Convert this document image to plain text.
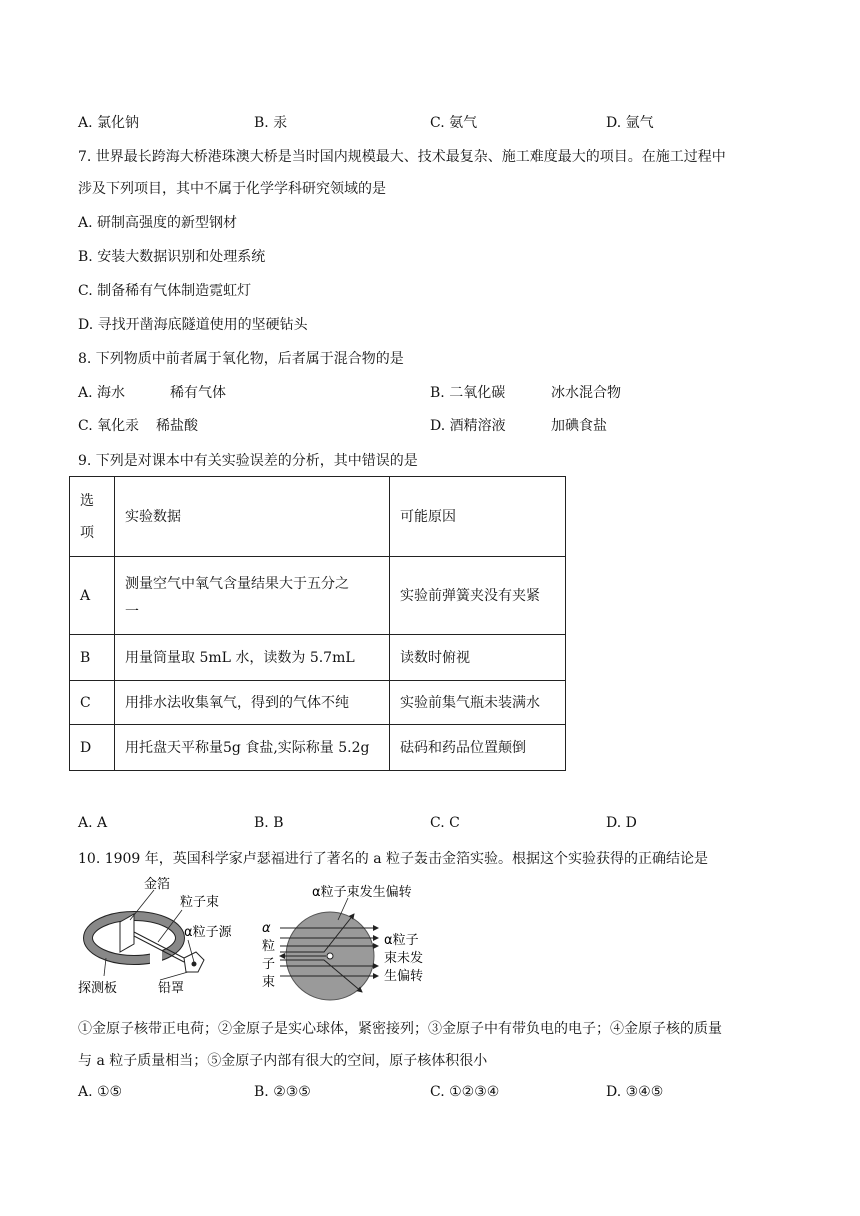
A. 氯化钠	B. 汞	C. 氨气	D. 氩气
7. 世界最长跨海大桥港珠澳大桥是当时国内规模最大、技术最复杂、施工难度最大的项目。在施工过程中
涉及下列项目，其中不属于化学学科研究领域的是
A. 研制高强度的新型钢材
B. 安装大数据识别和处理系统
C. 制备稀有气体制造霓虹灯
D. 寻找开凿海底隧道使用的坚硬钻头
8. 下列物质中前者属于氧化物，后者属于混合物的是
A. 海水	稀有气体	B. 二氧化碳	冰水混合物
C. 氧化汞 稀盐酸	D. 酒精溶液	加碘食盐
9. 下列是对课本中有关实验误差的分析，其中错误的是
选
项	实验数据	可能原因
A	测量空气中氧气含量结果大于五分之
一	实验前弹簧夹没有夹紧
B	用量筒量取 5mL 水，读数为 5.7mL	读数时俯视
C	用排水法收集氧气，得到的气体不纯	实验前集气瓶未装满水
D	用托盘天平称量5g 食盐,实际称量 5.2g	砝码和药品位置颠倒
A. A	B. B	C. C	D. D
10. 1909 年，英国科学家卢瑟福进行了著名的 a 粒子轰击金箔实验。根据这个实验获得的正确结论是
金箔
粒子束
α粒子源
探测板	铅罩
α粒子束发生偏转
α
粒
子
束
α粒子
束未发
生偏转
①金原子核带正电荷；②金原子是实心球体，紧密接列；③金原子中有带负电的电子；④金原子核的质量
与 a 粒子质量相当；⑤金原子内部有很大的空间，原子核体积很小
A. ①⑤	B. ②③⑤	C. ①②③④	D. ③④⑤
